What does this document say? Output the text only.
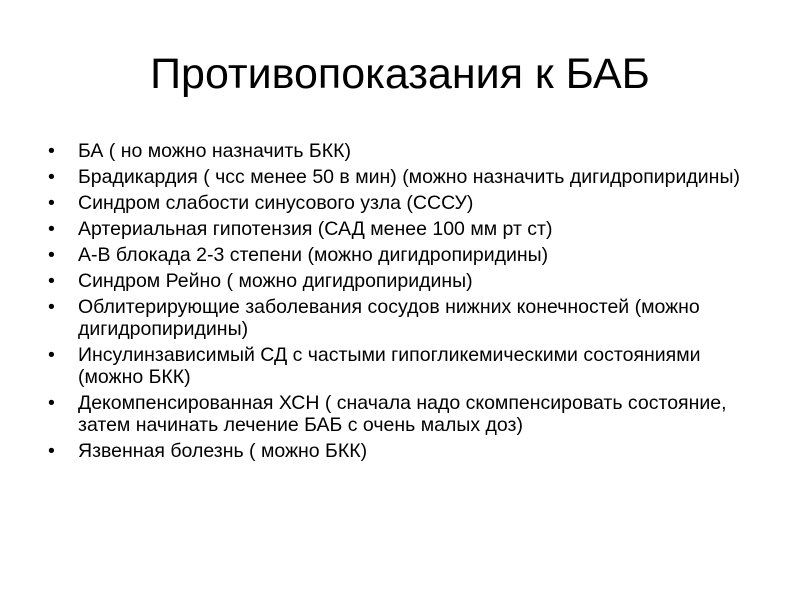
Противопоказания к БАБ
•	БА ( но можно назначить БКК)
•	Брадикардия ( чсс менее 50 в мин) (можно назначить дигидропиридины)
•	Синдром слабости синусового узла (СССУ)
•	Артериальная гипотензия (САД менее 100 мм рт ст)
•	А-В блокада 2-3 степени (можно дигидропиридины)
•	Синдром Рейно ( можно дигидропиридины)
•	Облитерирующие заболевания сосудов нижних конечностей (можно дигидропиридины)
•	Инсулинзависимый СД с частыми гипогликемическими состояниями (можно БКК)
•	Декомпенсированная ХСН ( сначала надо скомпенсировать состояние, затем начинать лечение БАБ с очень малых доз)
•	Язвенная болезнь ( можно БКК)
